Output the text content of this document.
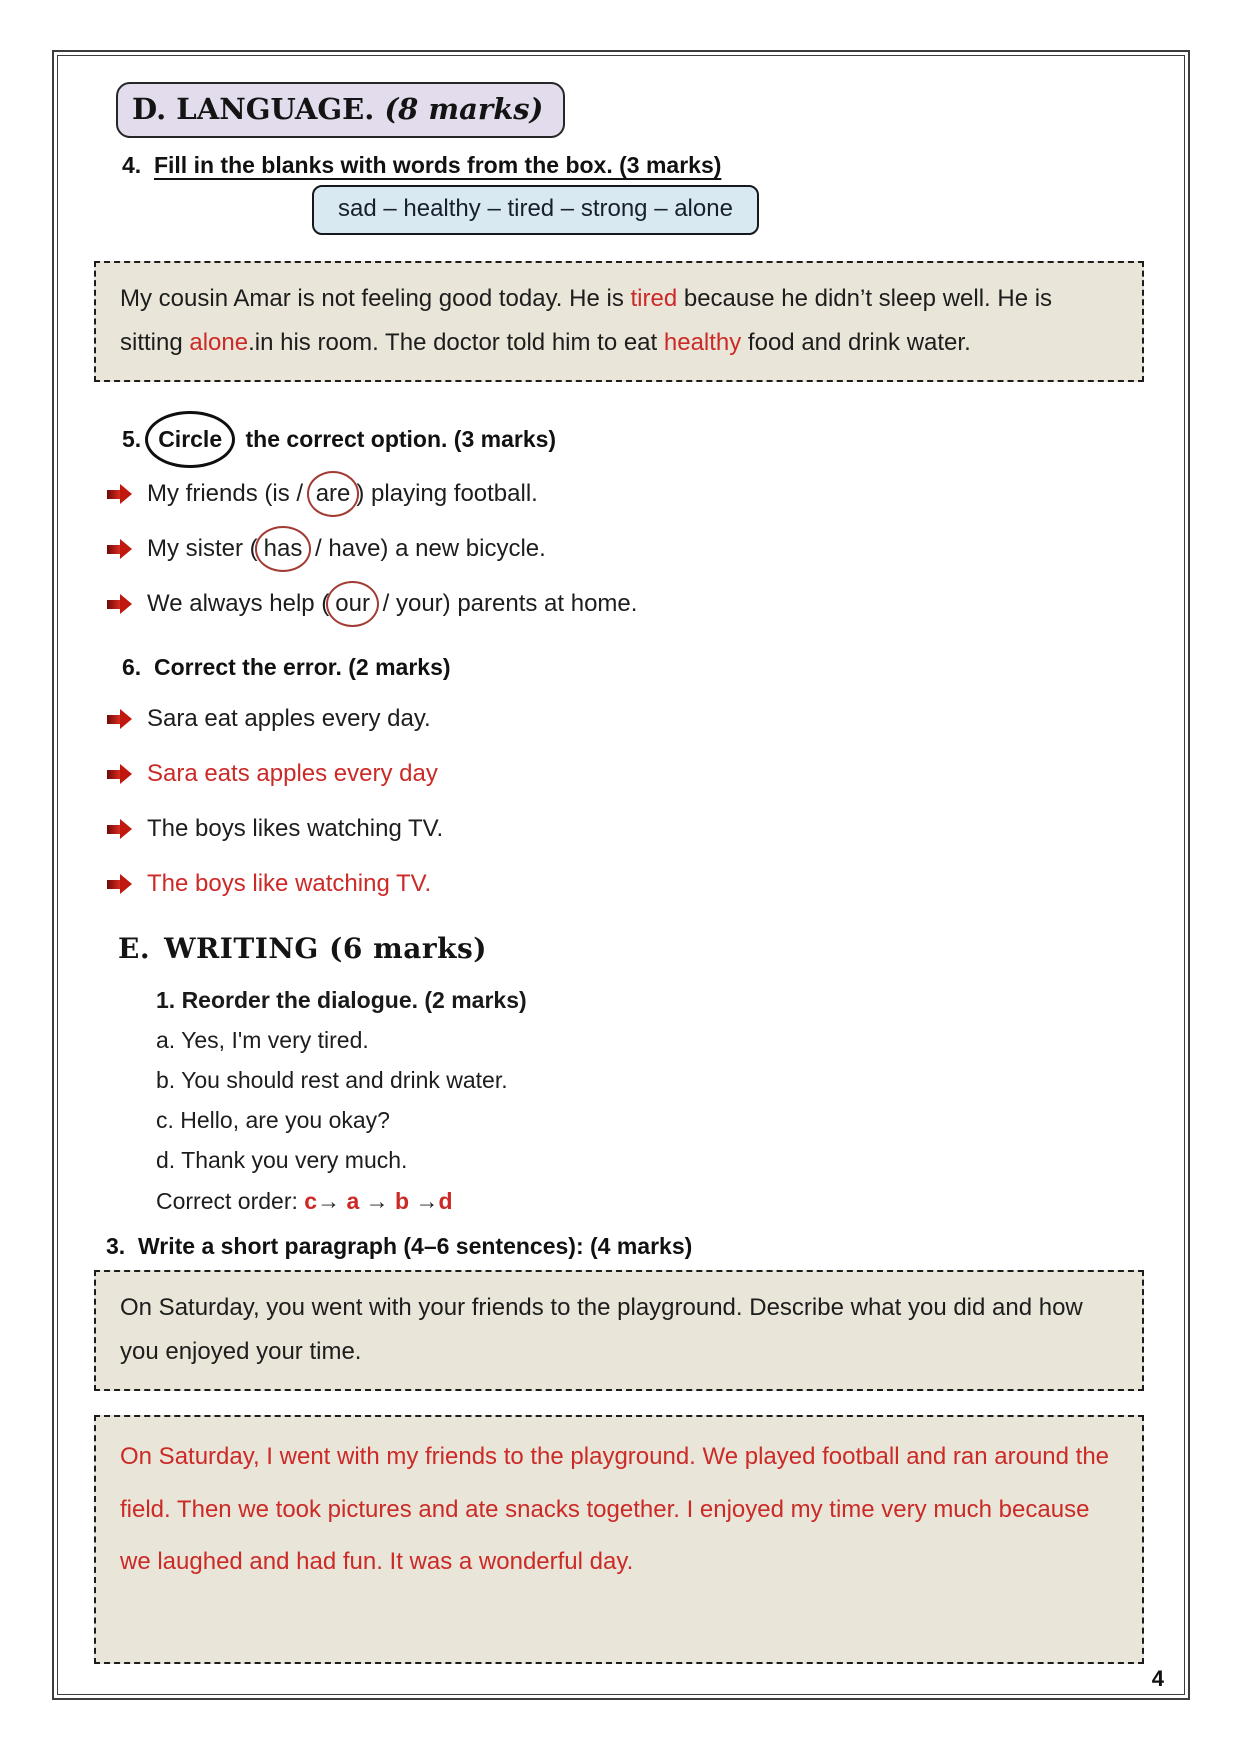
D. LANGUAGE. (8 marks)
4. Fill in the blanks with words from the box. (3 marks)
sad – healthy – tired – strong – alone
My cousin Amar is not feeling good today. He is tired because he didn’t sleep well. He is sitting alone.in his room. The doctor told him to eat healthy food and drink water.
5. Circle
	the correct option. (3 marks)
My friends (is / are ) playing football.
My sister ( has / have) a new bicycle.
We always help ( our / your) parents at home.
6. Correct the error. (2 marks)
Sara eat apples every day.
Sara eats apples every day
The boys likes watching TV.
The boys like watching TV.
E. WRITING (6 marks)
1. Reorder the dialogue. (2 marks)
a. Yes, I'm very tired.
b. You should rest and drink water.
c. Hello, are you okay?
d. Thank you very much.
Correct order: c→ a → b →d
3. Write a short paragraph (4–6 sentences): (4 marks)
On Saturday, you went with your friends to the playground. Describe what you did and how you enjoyed your time.
On Saturday, I went with my friends to the playground. We played football and ran around the field. Then we took pictures and ate snacks together. I enjoyed my time very much because we laughed and had fun. It was a wonderful day.
4
